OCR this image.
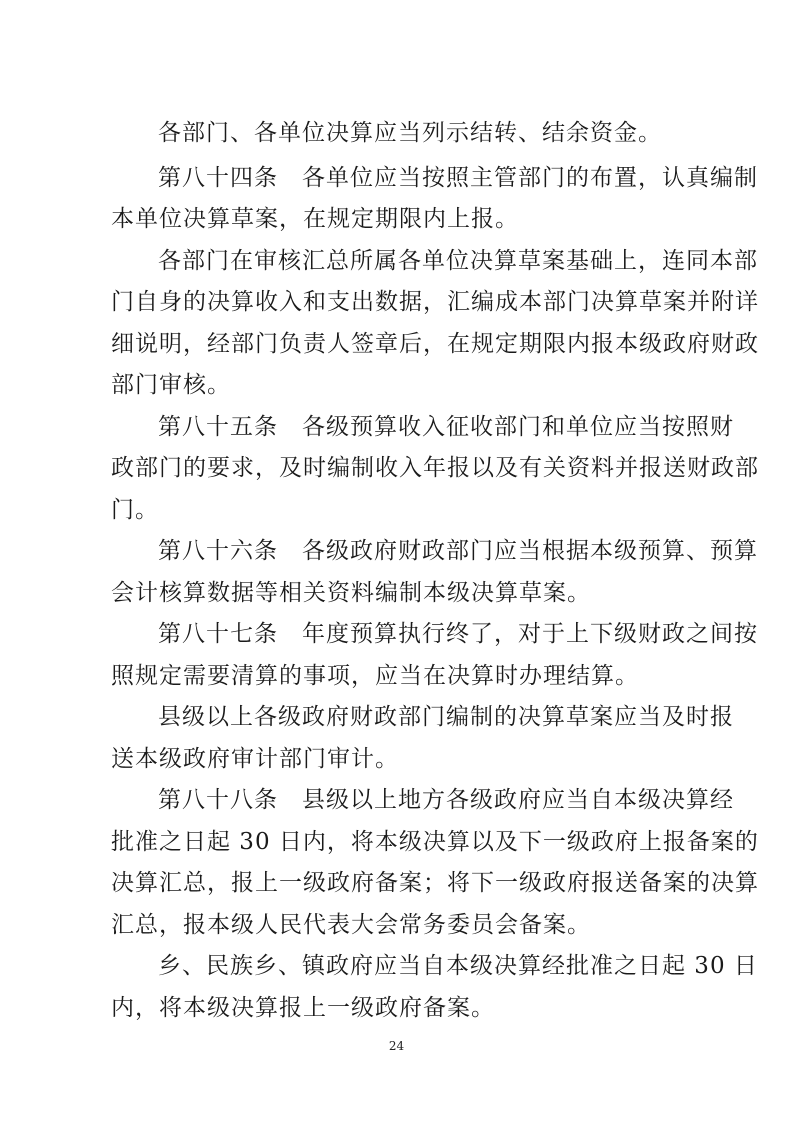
各部门、各单位决算应当列示结转、结余资金。
第八十四条　各单位应当按照主管部门的布置，认真编制
本单位决算草案，在规定期限内上报。
各部门在审核汇总所属各单位决算草案基础上，连同本部
门自身的决算收入和支出数据，汇编成本部门决算草案并附详
细说明，经部门负责人签章后，在规定期限内报本级政府财政
部门审核。
第八十五条　各级预算收入征收部门和单位应当按照财
政部门的要求，及时编制收入年报以及有关资料并报送财政部
门。
第八十六条　各级政府财政部门应当根据本级预算、预算
会计核算数据等相关资料编制本级决算草案。
第八十七条　年度预算执行终了，对于上下级财政之间按
照规定需要清算的事项，应当在决算时办理结算。
县级以上各级政府财政部门编制的决算草案应当及时报
送本级政府审计部门审计。
第八十八条　县级以上地方各级政府应当自本级决算经
批准之日起 30 日内，将本级决算以及下一级政府上报备案的
决算汇总，报上一级政府备案；将下一级政府报送备案的决算
汇总，报本级人民代表大会常务委员会备案。
乡、民族乡、镇政府应当自本级决算经批准之日起 30 日
内，将本级决算报上一级政府备案。
24
